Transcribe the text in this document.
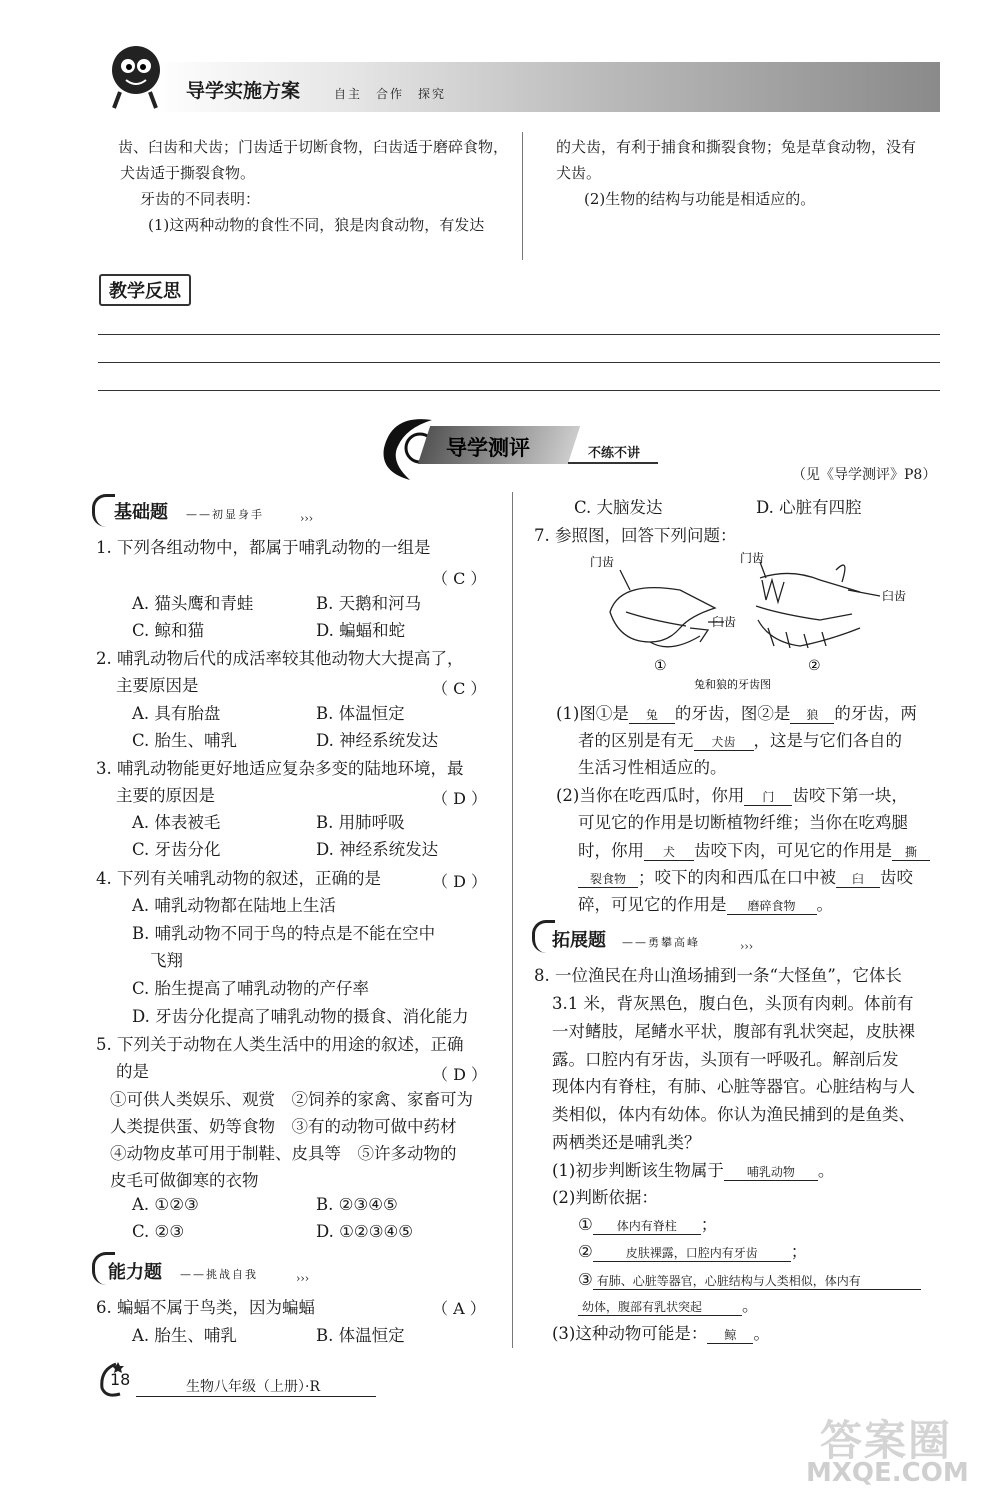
导学实施方案	自主　合作　探究
齿、臼齿和犬齿；门齿适于切断食物，臼齿适于磨碎食物，
犬齿适于撕裂食物。
牙齿的不同表明：
(1)这两种动物的食性不同，狼是肉食动物，有发达
的犬齿，有利于捕食和撕裂食物；兔是草食动物，没有
犬齿。
(2)生物的结构与功能是相适应的。
教学反思
导学测评	不练不讲
（见《导学测评》P8）
基础题 ——初显身手	›››
1. 下列各组动物中，都属于哺乳动物的一组是
（ C ）
A. 猫头鹰和青蛙	B. 天鹅和河马
C. 鲸和猫	D. 蝙蝠和蛇
2. 哺乳动物后代的成活率较其他动物大大提高了，
主要原因是	（ C ）
A. 具有胎盘	B. 体温恒定
C. 胎生、哺乳	D. 神经系统发达
3. 哺乳动物能更好地适应复杂多变的陆地环境，最
主要的原因是	（ D ）
A. 体表被毛	B. 用肺呼吸
C. 牙齿分化	D. 神经系统发达
4. 下列有关哺乳动物的叙述，正确的是	（ D ）
A. 哺乳动物都在陆地上生活
B. 哺乳动物不同于鸟的特点是不能在空中
飞翔
C. 胎生提高了哺乳动物的产仔率
D. 牙齿分化提高了哺乳动物的摄食、消化能力
5. 下列关于动物在人类生活中的用途的叙述，正确
的是	（ D ）
①可供人类娱乐、观赏　②饲养的家禽、家畜可为
人类提供蛋、奶等食物　③有的动物可做中药材
④动物皮革可用于制鞋、皮具等　⑤许多动物的
皮毛可做御寒的衣物
A. ①②③	B. ②③④⑤
C. ②③	D. ①②③④⑤
能力题 ——挑战自我	›››
6. 蝙蝠不属于鸟类，因为蝙蝠	（ A ）
A. 胎生、哺乳	B. 体温恒定
C. 大脑发达	D. 心脏有四腔
7. 参照图，回答下列问题：
门齿	门齿
臼齿
臼齿
①	②
兔和狼的牙齿图
(1)图①是 兔 的牙齿，图②是 狼 的牙齿，两
者的区别是有无 犬齿 ，这是与它们各自的
生活习性相适应的。
(2)当你在吃西瓜时，你用 门 齿咬下第一块，
可见它的作用是切断植物纤维；当你在吃鸡腿
时，你用 犬 齿咬下肉，可见它的作用是 撕
裂食物 ；咬下的肉和西瓜在口中被 臼 齿咬
碎，可见它的作用是 磨碎食物 。
拓展题 ——勇攀高峰	›››
8. 一位渔民在舟山渔场捕到一条“大怪鱼”，它体长
3.1 米，背灰黑色，腹白色，头顶有肉刺。体前有
一对鳍肢，尾鳍水平状，腹部有乳状突起，皮肤裸
露。口腔内有牙齿，头顶有一呼吸孔。解剖后发
现体内有脊柱，有肺、心脏等器官。心脏结构与人
类相似，体内有幼体。你认为渔民捕到的是鱼类、
两栖类还是哺乳类？
(1)初步判断该生物属于 哺乳动物 。
(2)判断依据：
① 体内有脊柱 ；
②	皮肤裸露，口腔内有牙齿 ；
③ 有肺、心脏等器官，心脏结构与人类相似，体内有
幼体，腹部有乳状突起 。
(3)这种动物可能是： 鲸 。
18	生物八年级（上册）·R
答案圈
MXQE.COM
